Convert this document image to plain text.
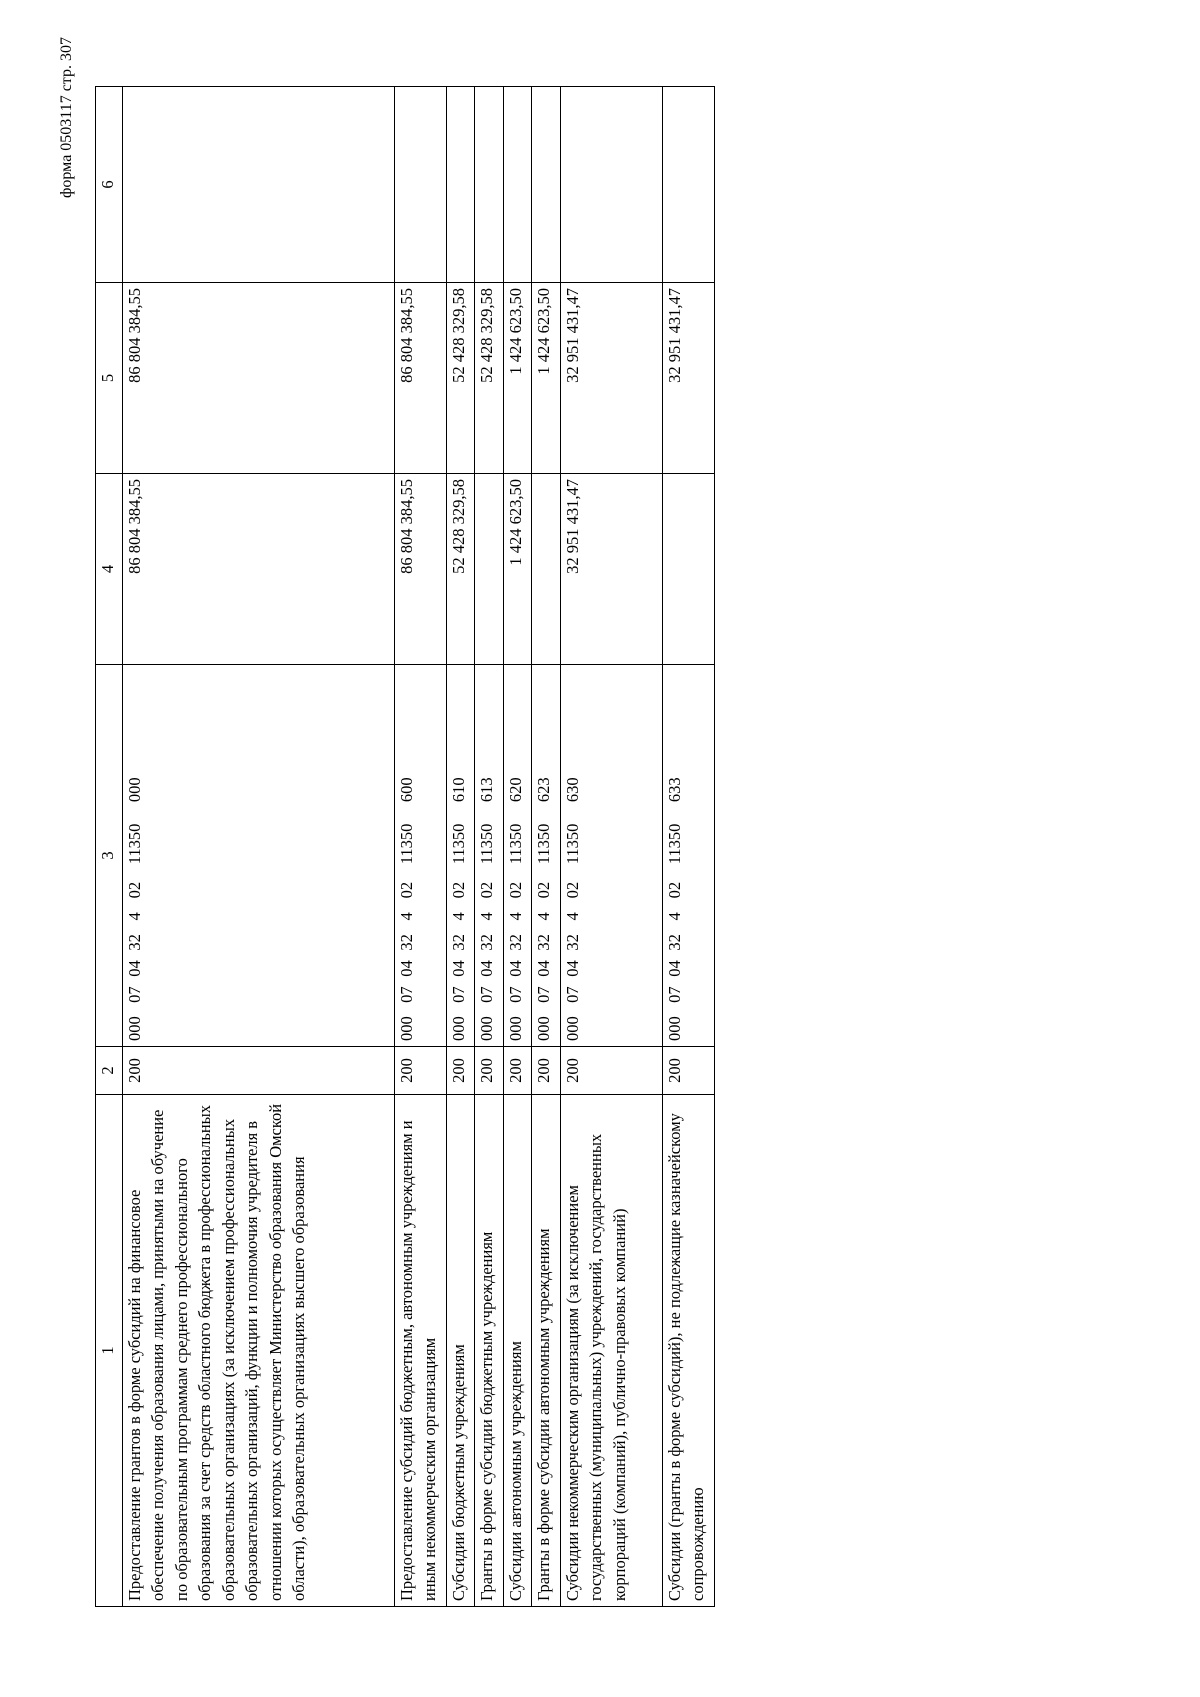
форма 0503117 стр. 307
1	2	3	4	5	6
Предоставление грантов в форме субсидий на финансовое обеспечение получения образования лицами, принятыми на обучение по образовательным программам среднего профессионального образования за счет средств областного бюджета в профессиональных образовательных организациях (за исключением профессиональных образовательных организаций, функции и полномочия учредителя в отношении которых осуществляет Министерство образования Омской области), образовательных организациях высшего образования	200	000 07 04 32 4 02 11350 000	86 804 384,55	86 804 384,55	
Предоставление субсидий бюджетным, автономным учреждениям и иным некоммерческим организациям	200	000 07 04 32 4 02 11350 600	86 804 384,55	86 804 384,55	
Субсидии бюджетным учреждениям	200	000 07 04 32 4 02 11350 610	52 428 329,58	52 428 329,58	
Гранты в форме субсидии бюджетным учреждениям	200	000 07 04 32 4 02 11350 613		52 428 329,58	
Субсидии автономным учреждениям	200	000 07 04 32 4 02 11350 620	1 424 623,50	1 424 623,50	
Гранты в форме субсидии автономным учреждениям	200	000 07 04 32 4 02 11350 623		1 424 623,50	
Субсидии некоммерческим организациям (за исключением государственных (муниципальных) учреждений, государственных корпораций (компаний), публично-правовых компаний)	200	000 07 04 32 4 02 11350 630	32 951 431,47	32 951 431,47	
Субсидии (гранты в форме субсидий), не подлежащие казначейскому сопровождению	200	000 07 04 32 4 02 11350 633		32 951 431,47	
